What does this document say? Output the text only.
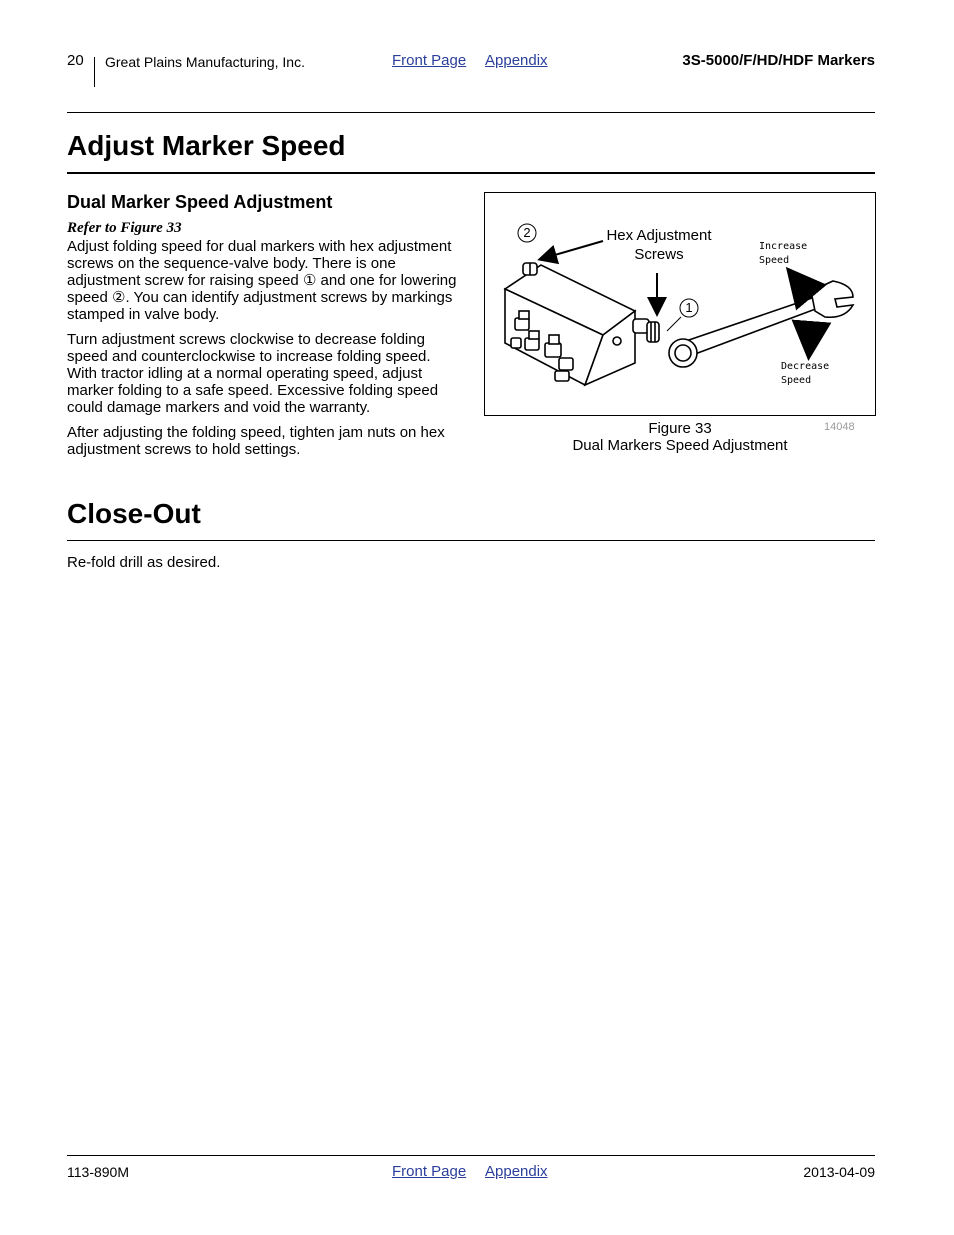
20 Great Plains Manufacturing, Inc.	Front Page Appendix	3S-5000/F/HD/HDF Markers
Adjust Marker Speed
Dual Marker Speed Adjustment
Refer to Figure 33

Adjust folding speed for dual markers with hex adjustment screws on the sequence-valve body. There is one adjustment screw for raising speed ① and one for lowering speed ②. You can identify adjustment screws by markings stamped in valve body.

Turn adjustment screws clockwise to decrease folding speed and counterclockwise to increase folding speed. With tractor idling at a normal operating speed, adjust marker folding to a safe speed. Excessive folding speed could damage markers and void the warranty.

After adjusting the folding speed, tighten jam nuts on hex adjustment screws to hold settings.

2
1
Hex Adjustment Screws	Increase Speed
Decrease Speed
Figure 33
Dual Markers Speed Adjustment
14048
Close-Out
Re-fold drill as desired.
113-890M	Front Page Appendix	2013-04-09
